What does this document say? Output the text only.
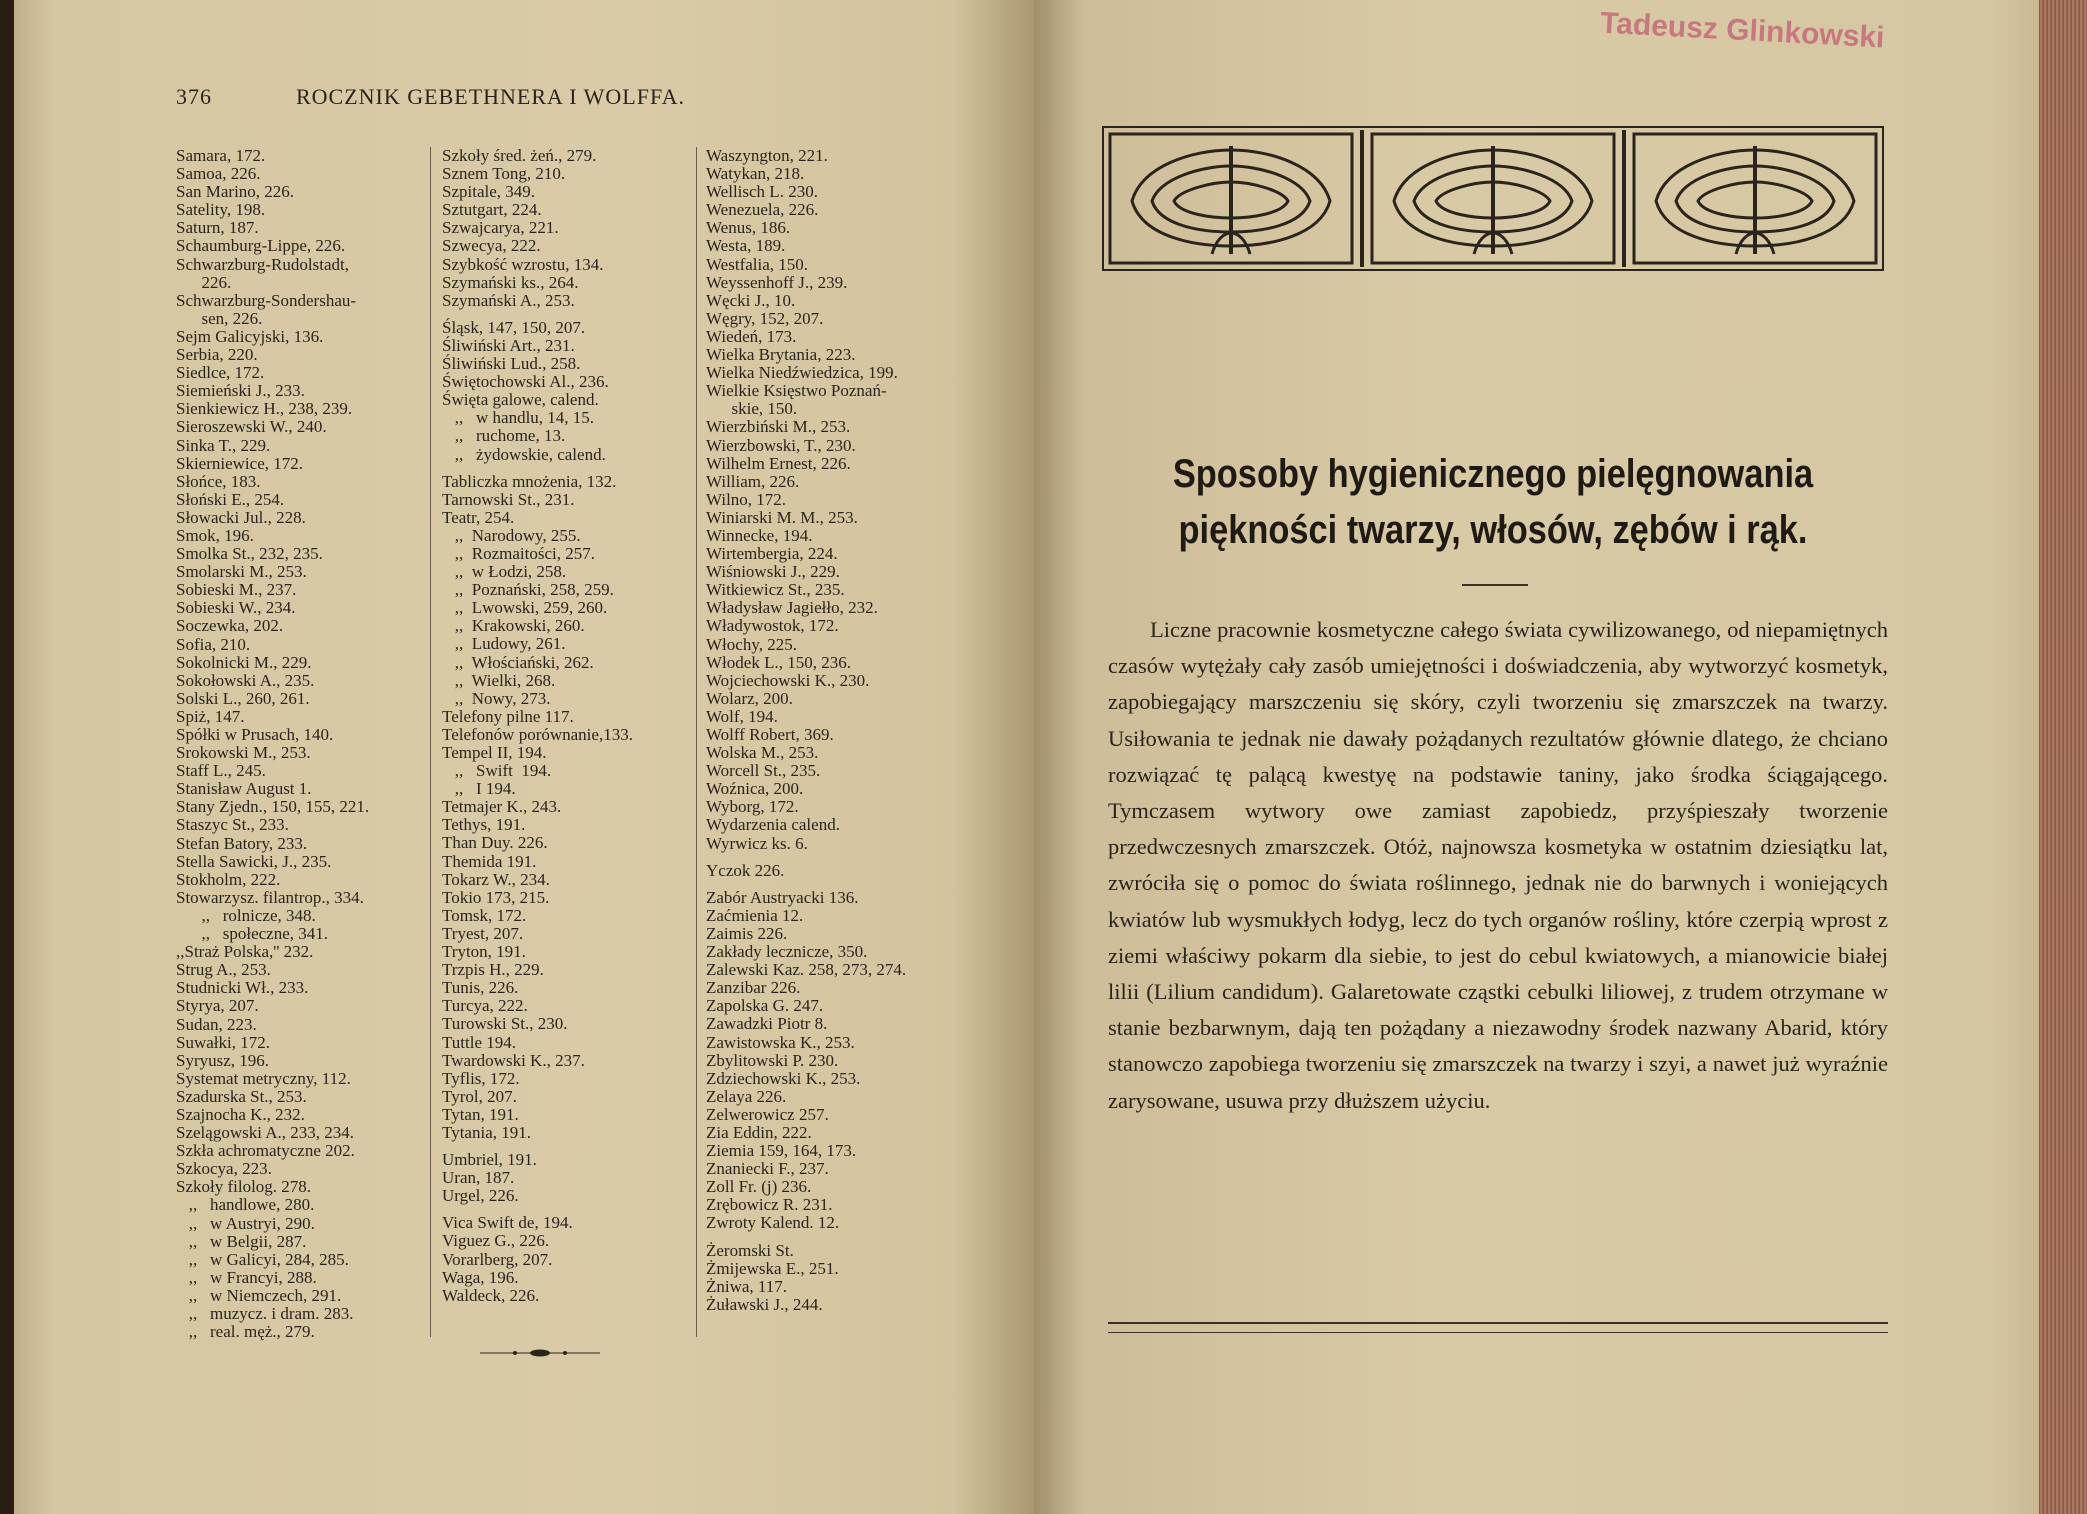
376	ROCZNIK GEBETHNERA I WOLFFA.
Samara, 172.
Samoa, 226.
San Marino, 226.
Satelity, 198.
Saturn, 187.
Schaumburg-Lippe, 226.
Schwarzburg-Rudolstadt,
226.
Schwarzburg-Sondershau-
sen, 226.
Sejm Galicyjski, 136.
Serbia, 220.
Siedlce, 172.
Siemieński J., 233.
Sienkiewicz H., 238, 239.
Sieroszewski W., 240.
Sinka T., 229.
Skierniewice, 172.
Słońce, 183.
Słoński E., 254.
Słowacki Jul., 228.
Smok, 196.
Smolka St., 232, 235.
Smolarski M., 253.
Sobieski M., 237.
Sobieski W., 234.
Soczewka, 202.
Sofia, 210.
Sokolnicki M., 229.
Sokołowski A., 235.
Solski L., 260, 261.
Spiż, 147.
Spółki w Prusach, 140.
Srokowski M., 253.
Staff L., 245.
Stanisław August 1.
Stany Zjedn., 150, 155, 221.
Staszyc St., 233.
Stefan Batory, 233.
Stella Sawicki, J., 235.
Stokholm, 222.
Stowarzysz. filantrop., 334.
,,   rolnicze, 348.
,,   społeczne, 341.
,,Straż Polska,'' 232.
Strug A., 253.
Studnicki Wł., 233.
Styrya, 207.
Sudan, 223.
Suwałki, 172.
Syryusz, 196.
Systemat metryczny, 112.
Szadurska St., 253.
Szajnocha K., 232.
Szelągowski A., 233, 234.
Szkła achromatyczne 202.
Szkocya, 223.
Szkoły filolog. 278.
,,   handlowe, 280.
,,   w Austryi, 290.
,,   w Belgii, 287.
,,   w Galicyi, 284, 285.
,,   w Francyi, 288.
,,   w Niemczech, 291.
,,   muzycz. i dram. 283.
,,   real. męż., 279.
Szkoły śred. żeń., 279.
Sznem Tong, 210.
Szpitale, 349.
Sztutgart, 224.
Szwajcarya, 221.
Szwecya, 222.
Szybkość wzrostu, 134.
Szymański ks., 264.
Szymański A., 253.
Śląsk, 147, 150, 207.
Śliwiński Art., 231.
Śliwiński Lud., 258.
Świętochowski Al., 236.
Święta galowe, calend.
,,   w handlu, 14, 15.
,,   ruchome, 13.
,,   żydowskie, calend.
Tabliczka mnożenia, 132.
Tarnowski St., 231.
Teatr, 254.
,,  Narodowy, 255.
,,  Rozmaitości, 257.
,,  w Łodzi, 258.
,,  Poznański, 258, 259.
,,  Lwowski, 259, 260.
,,  Krakowski, 260.
,,  Ludowy, 261.
,,  Włościański, 262.
,,  Wielki, 268.
,,  Nowy, 273.
Telefony pilne 117.
Telefonów porównanie,133.
Tempel II, 194.
,,   Swift  194.
,,   I 194.
Tetmajer K., 243.
Tethys, 191.
Than Duy. 226.
Themida 191.
Tokarz W., 234.
Tokio 173, 215.
Tomsk, 172.
Tryest, 207.
Tryton, 191.
Trzpis H., 229.
Tunis, 226.
Turcya, 222.
Turowski St., 230.
Tuttle 194.
Twardowski K., 237.
Tyflis, 172.
Tyrol, 207.
Tytan, 191.
Tytania, 191.
Umbriel, 191.
Uran, 187.
Urgel, 226.
Vica Swift de, 194.
Viguez G., 226.
Vorarlberg, 207.
Waga, 196.
Waldeck, 226.
Waszyngton, 221.
Watykan, 218.
Wellisch L. 230.
Wenezuela, 226.
Wenus, 186.
Westa, 189.
Westfalia, 150.
Weyssenhoff J., 239.
Węcki J., 10.
Węgry, 152, 207.
Wiedeń, 173.
Wielka Brytania, 223.
Wielka Niedźwiedzica, 199.
Wielkie Księstwo Poznań-
skie, 150.
Wierzbiński M., 253.
Wierzbowski, T., 230.
Wilhelm Ernest, 226.
William, 226.
Wilno, 172.
Winiarski M. M., 253.
Winnecke, 194.
Wirtembergia, 224.
Wiśniowski J., 229.
Witkiewicz St., 235.
Władysław Jagiełło, 232.
Władywostok, 172.
Włochy, 225.
Włodek L., 150, 236.
Wojciechowski K., 230.
Wolarz, 200.
Wolf, 194.
Wolff Robert, 369.
Wolska M., 253.
Worcell St., 235.
Woźnica, 200.
Wyborg, 172.
Wydarzenia calend.
Wyrwicz ks. 6.
Yczok 226.
Zabór Austryacki 136.
Zaćmienia 12.
Zaimis 226.
Zakłady lecznicze, 350.
Zalewski Kaz. 258, 273, 274.
Zanzibar 226.
Zapolska G. 247.
Zawadzki Piotr 8.
Zawistowska K., 253.
Zbylitowski P. 230.
Zdziechowski K., 253.
Zelaya 226.
Zelwerowicz 257.
Zia Eddin, 222.
Ziemia 159, 164, 173.
Znaniecki F., 237.
Zoll Fr. (j) 236.
Zrębowicz R. 231.
Zwroty Kalend. 12.
Żeromski St.
Żmijewska E., 251.
Żniwa, 117.
Żuławski J., 244.
Tadeusz Glinkowski
Sposoby hygienicznego pielęgnowania
piękności twarzy, włosów, zębów i rąk.
Liczne pracownie kosmetyczne całego świata cywilizowanego, od niepamiętnych czasów wytężały cały zasób umiejętności i doświadczenia, aby wytworzyć kosmetyk, zapobiegający marszczeniu się skóry, czyli tworzeniu się zmarszczek na twarzy. Usiłowania te jednak nie dawały pożądanych rezultatów głównie dlatego, że chciano rozwiązać tę palącą kwestyę na podstawie taniny, jako środka ściągającego. Tymczasem wytwory owe zamiast zapobiedz, przyśpieszały tworzenie przedwczesnych zmarszczek. Otóż, najnowsza kosmetyka w ostatnim dziesiątku lat, zwróciła się o pomoc do świata roślinnego, jednak nie do barwnych i woniejących kwiatów lub wysmukłych łodyg, lecz do tych organów rośliny, które czerpią wprost z ziemi właściwy pokarm dla siebie, to jest do cebul kwiatowych, a mianowicie białej lilii (Lilium candidum). Galaretowate cząstki cebulki liliowej, z trudem otrzymane w stanie bezbarwnym, dają ten pożądany a niezawodny środek nazwany Abarid, który stanowczo zapobiega tworzeniu się zmarszczek na twarzy i szyi, a nawet już wyraźnie zarysowane, usuwa przy dłuższem użyciu.
